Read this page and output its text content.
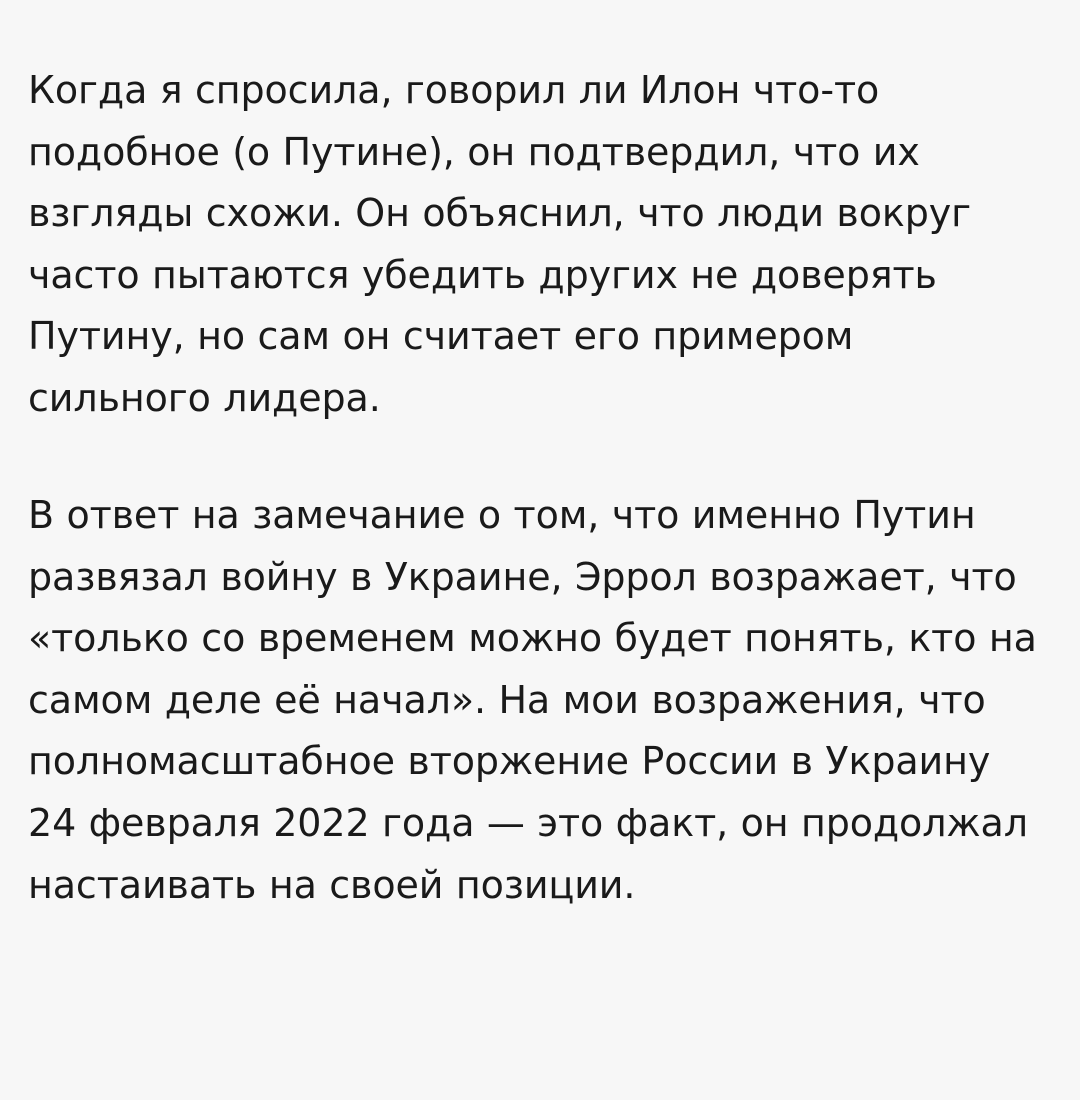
Когда я спросила, говорил ли Илон что-то подобное (о Путине), он подтвердил, что их взгляды схожи. Он объяснил, что люди вокруг часто пытаются убедить других не доверять Путину, но сам он считает его примером сильного лидера.

В ответ на замечание о том, что именно Путин развязал войну в Украине, Эррол возражает, что «только со временем можно будет понять, кто на самом деле её начал». На мои возражения, что полномасштабное вторжение России в Украину 24 февраля 2022 года — это факт, он продолжал настаивать на своей позиции.
